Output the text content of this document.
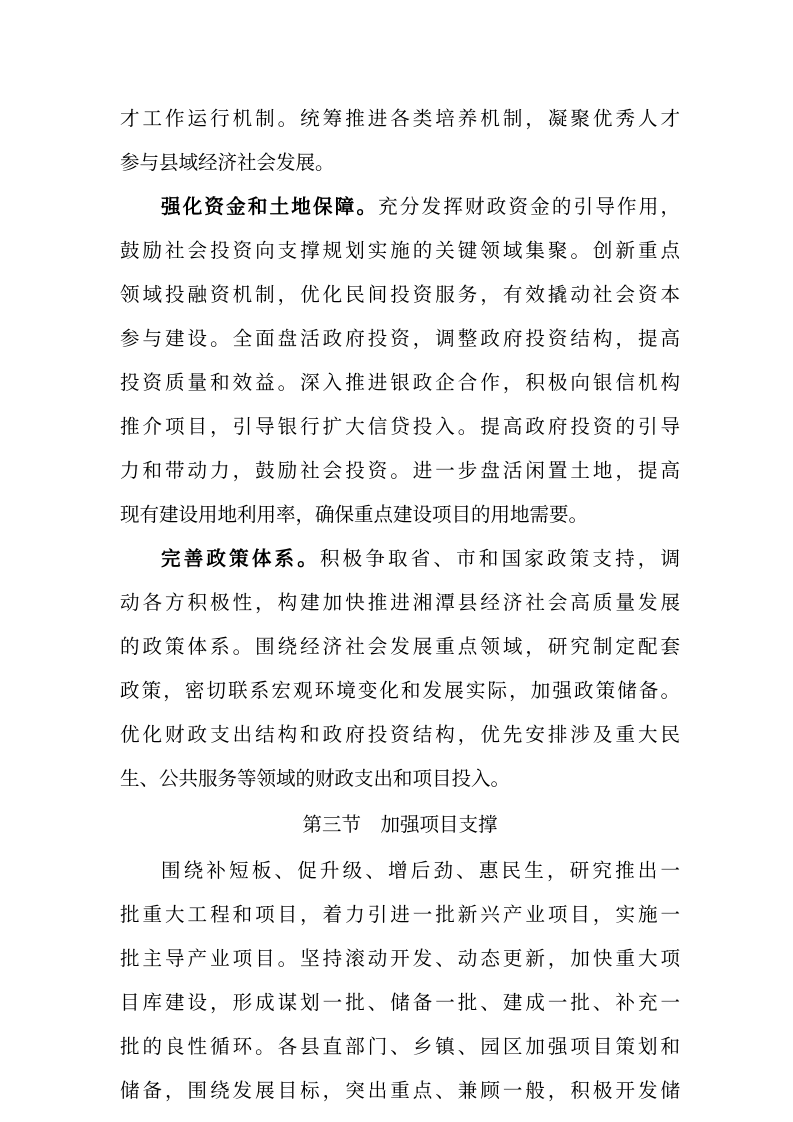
才工作运行机制。统筹推进各类培养机制，凝聚优秀人才
参与县域经济社会发展。
强化资金和土地保障。充分发挥财政资金的引导作用，
鼓励社会投资向支撑规划实施的关键领域集聚。创新重点
领域投融资机制，优化民间投资服务，有效撬动社会资本
参与建设。全面盘活政府投资，调整政府投资结构，提高
投资质量和效益。深入推进银政企合作，积极向银信机构
推介项目，引导银行扩大信贷投入。提高政府投资的引导
力和带动力，鼓励社会投资。进一步盘活闲置土地，提高
现有建设用地利用率，确保重点建设项目的用地需要。
完善政策体系。积极争取省、市和国家政策支持，调
动各方积极性，构建加快推进湘潭县经济社会高质量发展
的政策体系。围绕经济社会发展重点领域，研究制定配套
政策，密切联系宏观环境变化和发展实际，加强政策储备。
优化财政支出结构和政府投资结构，优先安排涉及重大民
生、公共服务等领域的财政支出和项目投入。
第三节　加强项目支撑
围绕补短板、促升级、增后劲、惠民生，研究推出一
批重大工程和项目，着力引进一批新兴产业项目，实施一
批主导产业项目。坚持滚动开发、动态更新，加快重大项
目库建设，形成谋划一批、储备一批、建成一批、补充一
批的良性循环。各县直部门、乡镇、园区加强项目策划和
储备，围绕发展目标，突出重点、兼顾一般，积极开发储
